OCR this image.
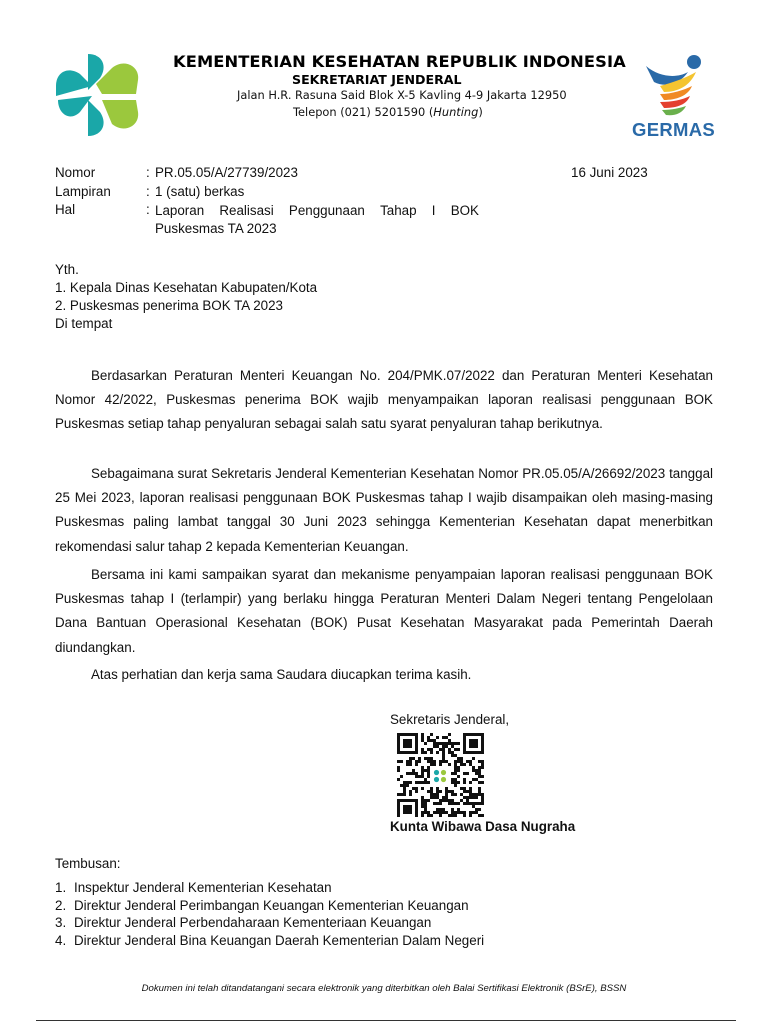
KEMENTERIAN KESEHATAN REPUBLIK INDONESIA
SEKRETARIAT JENDERAL
Jalan H.R. Rasuna Said Blok X-5 Kavling 4-9 Jakarta 12950
Telepon (021) 5201590 (Hunting)
GERMAS
Nomor	: PR.05.05/A/27739/2023	16 Juni 2023
Lampiran	: 1 (satu) berkas
Hal	: Laporan Realisasi Penggunaan Tahap I BOK
Puskesmas TA 2023
Yth.
1. Kepala Dinas Kesehatan Kabupaten/Kota
2. Puskesmas penerima BOK TA 2023
Di tempat
Berdasarkan Peraturan Menteri Keuangan No. 204/PMK.07/2022 dan Peraturan Menteri Kesehatan Nomor 42/2022, Puskesmas penerima BOK wajib menyampaikan laporan realisasi penggunaan BOK Puskesmas setiap tahap penyaluran sebagai salah satu syarat penyaluran tahap berikutnya.
Sebagaimana surat Sekretaris Jenderal Kementerian Kesehatan Nomor PR.05.05/A/26692/2023 tanggal 25 Mei 2023, laporan realisasi penggunaan BOK Puskesmas tahap I wajib disampaikan oleh masing-masing Puskesmas paling lambat tanggal 30 Juni 2023 sehingga Kementerian Kesehatan dapat menerbitkan rekomendasi salur tahap 2 kepada Kementerian Keuangan.
Bersama ini kami sampaikan syarat dan mekanisme penyampaian laporan realisasi penggunaan BOK Puskesmas tahap I (terlampir) yang berlaku hingga Peraturan Menteri Dalam Negeri tentang Pengelolaan Dana Bantuan Operasional Kesehatan (BOK) Pusat Kesehatan Masyarakat pada Pemerintah Daerah diundangkan.
Atas perhatian dan kerja sama Saudara diucapkan terima kasih.
Sekretaris Jenderal,
Kunta Wibawa Dasa Nugraha
Tembusan:
1. Inspektur Jenderal Kementerian Kesehatan
2. Direktur Jenderal Perimbangan Keuangan Kementerian Keuangan
3. Direktur Jenderal Perbendaharaan Kementeriaan Keuangan
4. Direktur Jenderal Bina Keuangan Daerah Kementerian Dalam Negeri
Dokumen ini telah ditandatangani secara elektronik yang diterbitkan oleh Balai Sertifikasi Elektronik (BSrE), BSSN
